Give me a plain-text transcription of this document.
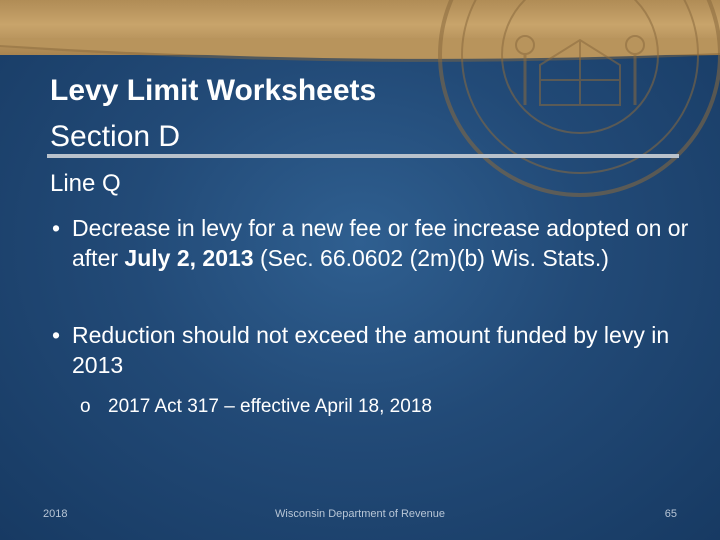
Levy Limit Worksheets
Section D
Line Q
• Decrease in levy for a new fee or fee increase adopted on or after July 2, 2013 (Sec. 66.0602 (2m)(b) Wis. Stats.)
• Reduction should not exceed the amount funded by levy in 2013
o 2017 Act 317 – effective April 18, 2018
2018	Wisconsin Department of Revenue	65
